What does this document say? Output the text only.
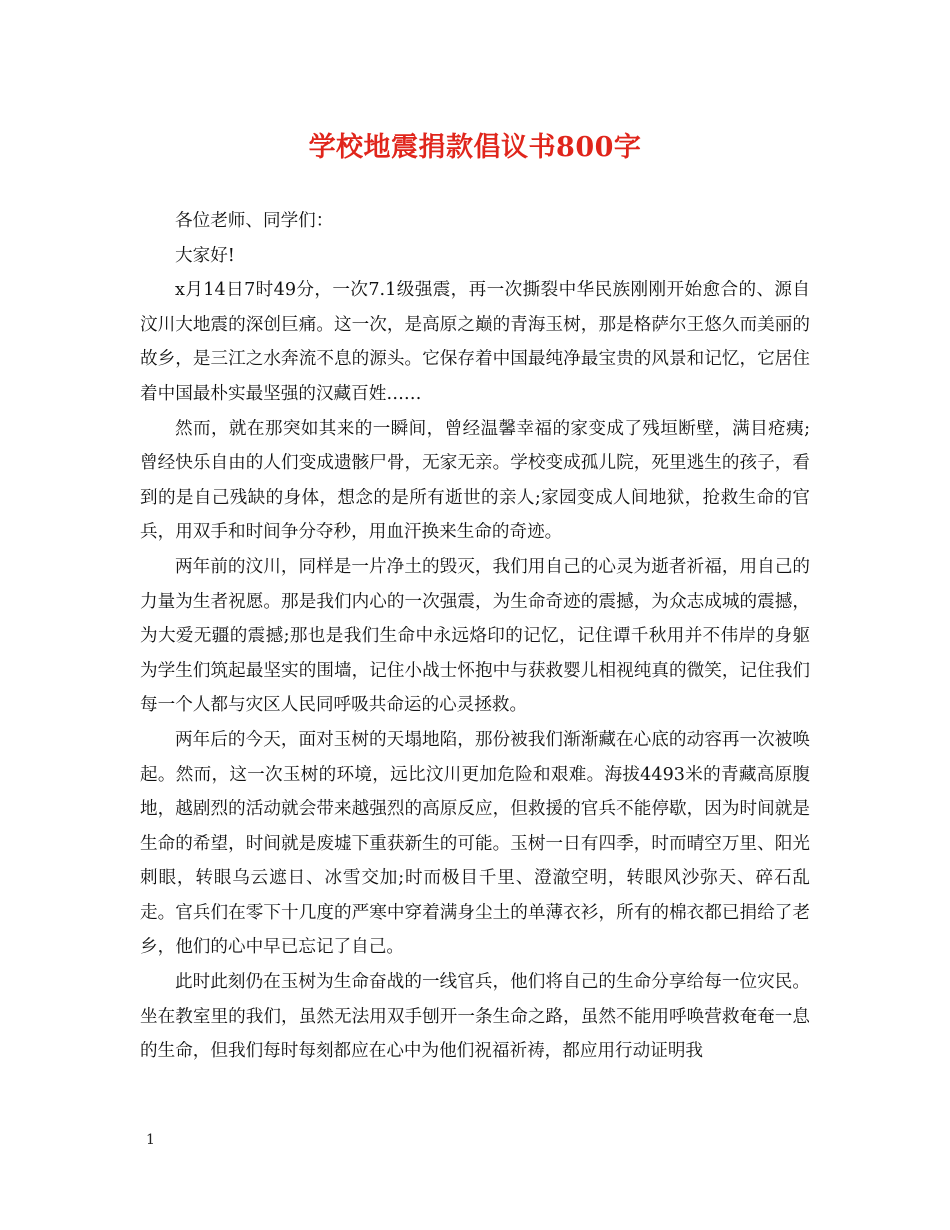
学校地震捐款倡议书800字

各位老师、同学们：

大家好!

x月14日7时49分，一次7.1级强震，再一次撕裂中华民族刚刚开始愈合的、源自汶川大地震的深创巨痛。这一次，是高原之巅的青海玉树，那是格萨尔王悠久而美丽的故乡，是三江之水奔流不息的源头。它保存着中国最纯净最宝贵的风景和记忆，它居住着中国最朴实最坚强的汉藏百姓……

然而，就在那突如其来的一瞬间，曾经温馨幸福的家变成了残垣断壁，满目疮痍;曾经快乐自由的人们变成遗骸尸骨，无家无亲。学校变成孤儿院，死里逃生的孩子，看到的是自己残缺的身体，想念的是所有逝世的亲人;家园变成人间地狱，抢救生命的官兵，用双手和时间争分夺秒，用血汗换来生命的奇迹。

两年前的汶川，同样是一片净土的毁灭，我们用自己的心灵为逝者祈福，用自己的力量为生者祝愿。那是我们内心的一次强震，为生命奇迹的震撼，为众志成城的震撼，为大爱无疆的震撼;那也是我们生命中永远烙印的记忆，记住谭千秋用并不伟岸的身躯为学生们筑起最坚实的围墙，记住小战士怀抱中与获救婴儿相视纯真的微笑，记住我们每一个人都与灾区人民同呼吸共命运的心灵拯救。

两年后的今天，面对玉树的天塌地陷，那份被我们渐渐藏在心底的动容再一次被唤起。然而，这一次玉树的环境，远比汶川更加危险和艰难。海拔4493米的青藏高原腹地，越剧烈的活动就会带来越强烈的高原反应，但救援的官兵不能停歇，因为时间就是生命的希望，时间就是废墟下重获新生的可能。玉树一日有四季，时而晴空万里、阳光刺眼，转眼乌云遮日、冰雪交加;时而极目千里、澄澈空明，转眼风沙弥天、碎石乱走。官兵们在零下十几度的严寒中穿着满身尘土的单薄衣衫，所有的棉衣都已捐给了老乡，他们的心中早已忘记了自己。

此时此刻仍在玉树为生命奋战的一线官兵，他们将自己的生命分享给每一位灾民。坐在教室里的我们，虽然无法用双手刨开一条生命之路，虽然不能用呼唤营救奄奄一息的生命，但我们每时每刻都应在心中为他们祝福祈祷，都应用行动证明我

1
